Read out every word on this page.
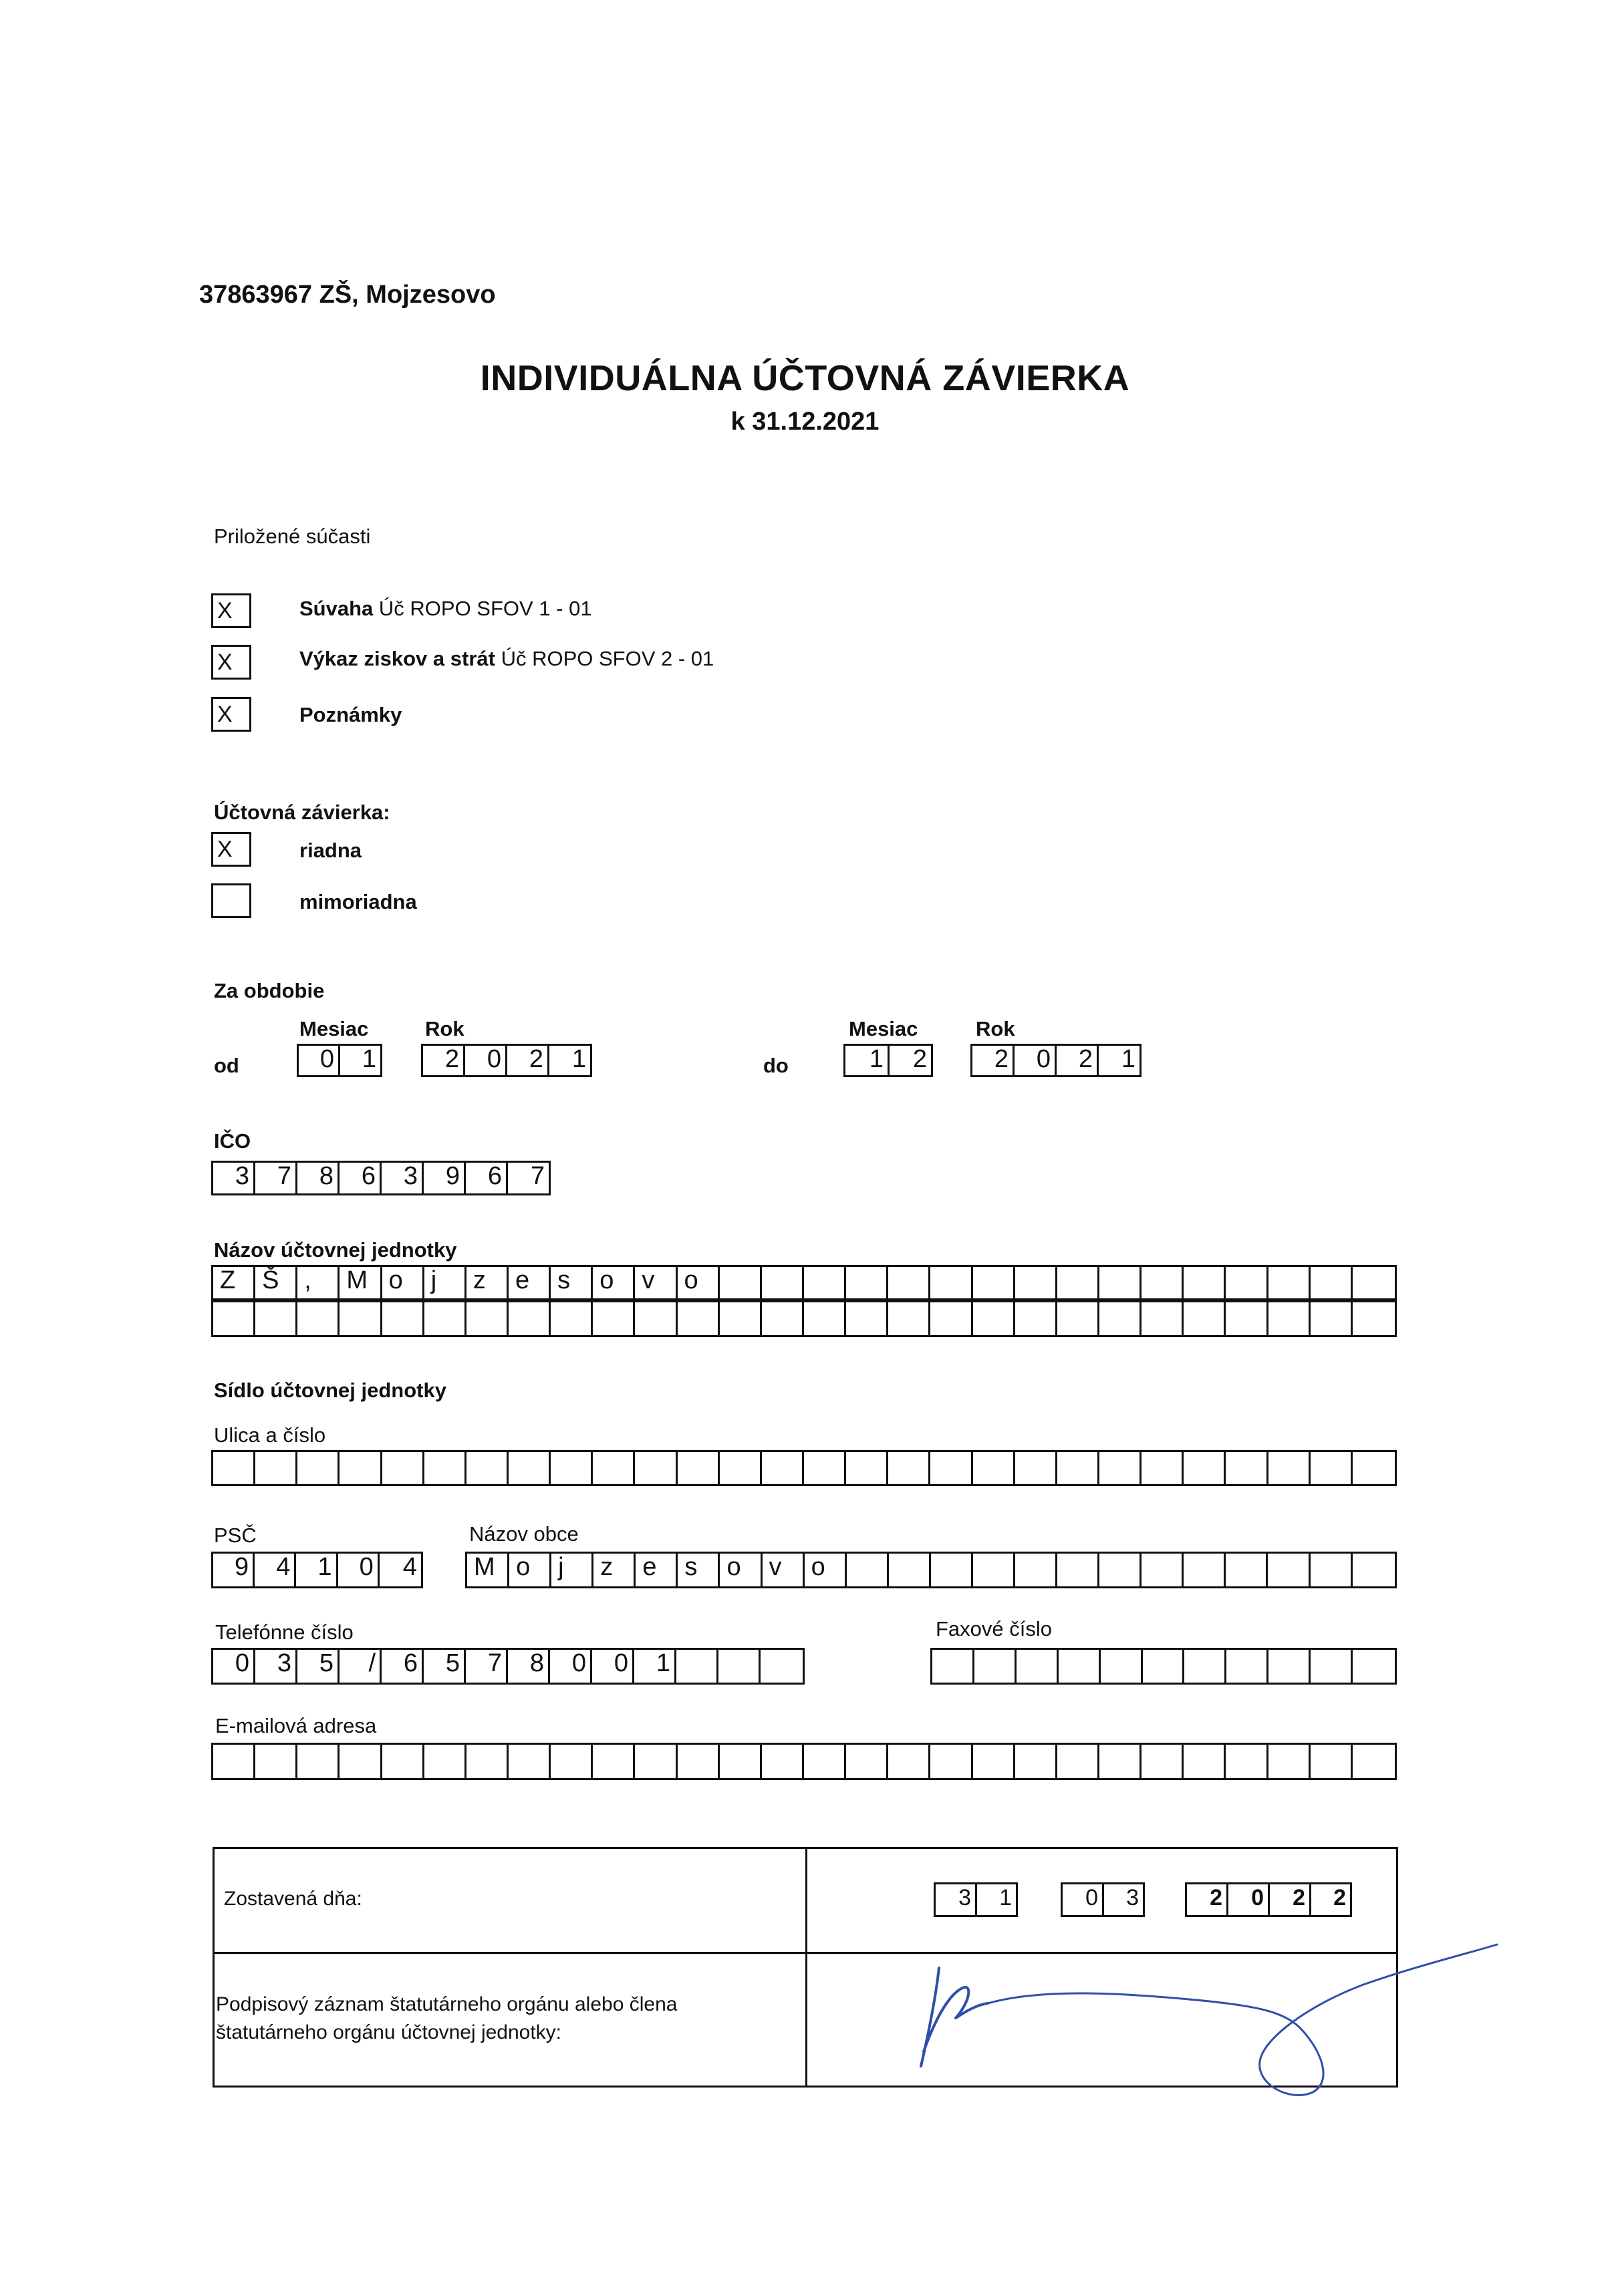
37863967 ZŠ, Mojzesovo
INDIVIDUÁLNA ÚČTOVNÁ ZÁVIERKA
k 31.12.2021
Priložené súčasti
X	Súvaha Úč ROPO SFOV 1 - 01
X	Výkaz ziskov a strát Úč ROPO SFOV 2 - 01
X	Poznámky
Účtovná závierka:
X	riadna
mimoriadna
Za obdobie
Mesiac	Rok
od	0	1	2	0	2	1
Mesiac	Rok
do	1	2	2	0	2	1
IČO
3	7	8	6	3	9	6	7
Názov účtovnej jednotky
Z	Š ,	M o	j	z	e	s	o	v	o
Sídlo účtovnej jednotky
Ulica a číslo
PSČ	Názov obce
9	4	1	0	4 M o	j	z	e	s	o	v	o
Telefónne číslo	Faxové číslo
0	3	5	/	6	5	7	8	0	0	1
E-mailová adresa
Zostavená dňa:	3	1	0	3	2	0	2	2
Podpisový záznam štatutárneho orgánu alebo člena štatutárneho orgánu účtovnej jednotky:
